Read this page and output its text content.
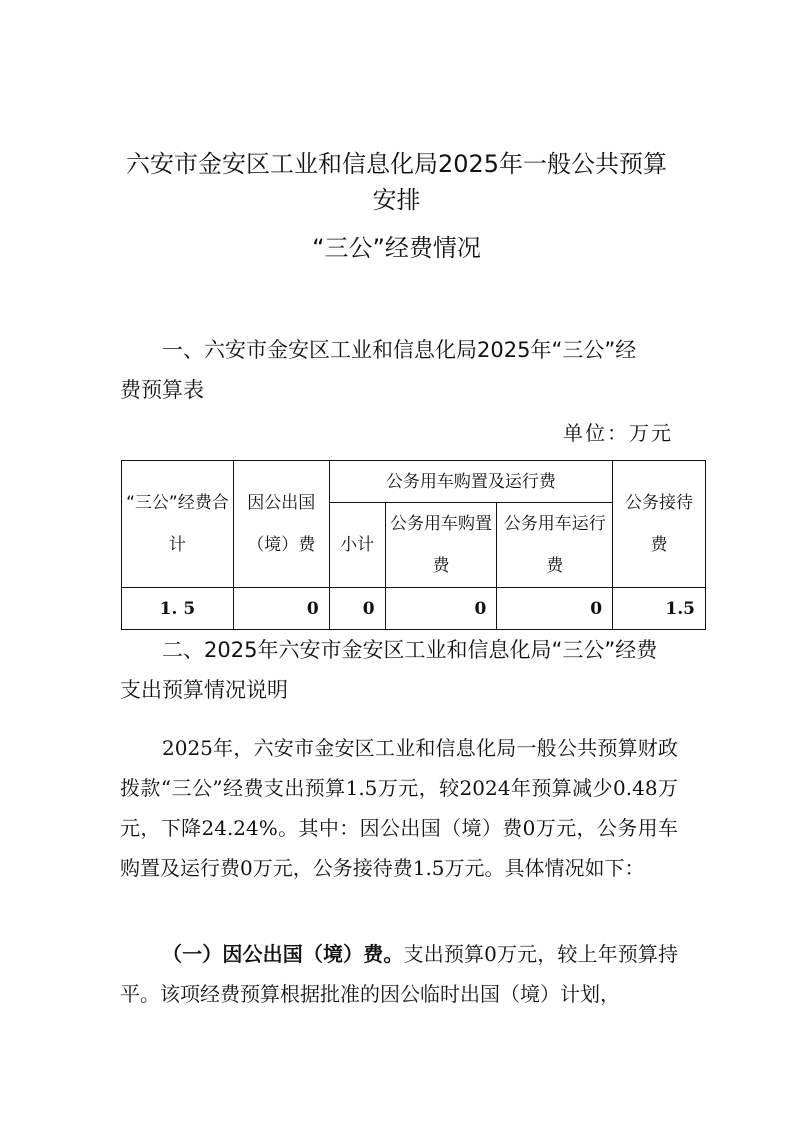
六安市金安区工业和信息化局2025年一般公共预算
安排
“三公”经费情况
一、六安市金安区工业和信息化局2025年“三公”经
费预算表
单位：万元
“三公”经费合计	因公出国（境）费	公务用车购置及运行费			公务接待费
		小计	公务用车购置费	公务用车运行费	
1. 5	0	0	0	0	1.5
二、2025年六安市金安区工业和信息化局“三公”经费
支出预算情况说明

2025年，六安市金安区工业和信息化局一般公共预算财政拨款“三公”经费支出预算1.5万元，较2024年预算减少0.48万元，下降24.24%。其中：因公出国（境）费0万元，公务用车购置及运行费0万元，公务接待费1.5万元。具体情况如下：

（一）因公出国（境）费。支出预算0万元，较上年预算持平。该项经费预算根据批准的因公临时出国（境）计划，
